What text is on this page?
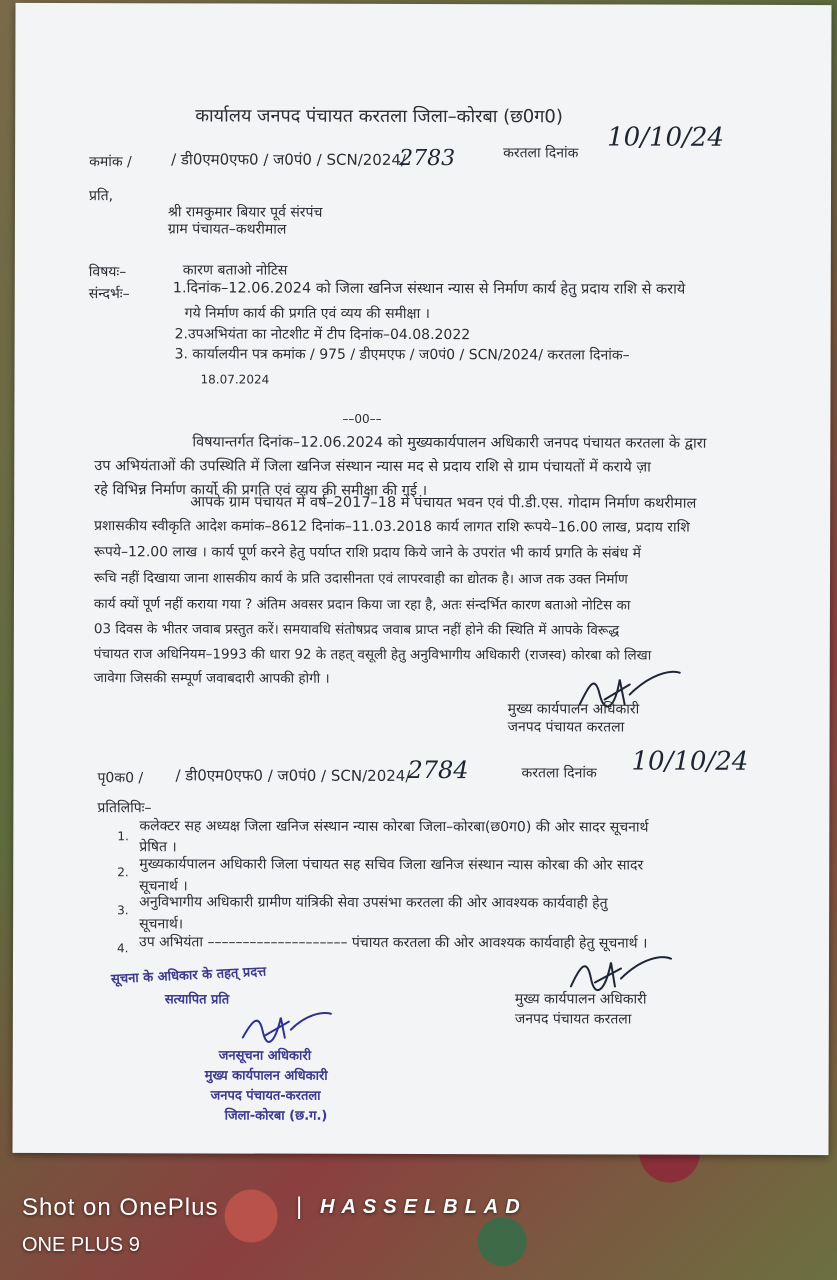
कार्यालय जनपद पंचायत करतला जिला–कोरबा (छ0ग0)
कमांक /	/ डी0एम0एफ0 / ज0पं0 / SCN/2024/
2783	करतला दिनांक
10/10/24
प्रति,
श्री रामकुमार बियार पूर्व संरपंच
ग्राम पंचायत–कथरीमाल
विषयः–	कारण बताओ नोटिस
संन्दर्भः–	1.दिनांक–12.06.2024 को जिला खनिज संस्थान न्यास से निर्माण कार्य हेतु प्रदाय राशि से कराये
गये निर्माण कार्य की प्रगति एवं व्यय की समीक्षा ।
2.उपअभियंता का नोटशीट में टीप दिनांक–04.08.2022
3. कार्यालयीन पत्र कमांक / 975 / डीएमएफ / ज0पं0 / SCN/2024/ करतला दिनांक–
18.07.2024
––00––
विषयान्तर्गत दिनांक–12.06.2024 को मुख्यकार्यपालन अधिकारी जनपद पंचायत करतला के द्वारा
उप अभियंताओं की उपस्थिति में जिला खनिज संस्थान न्यास मद से प्रदाय राशि से ग्राम पंचायतों में कराये ज़ा
रहे विभिन्न निर्माण कार्यो की प्रगति एवं व्यय की समीक्षा की गई ।
आपके ग्राम पंचायत में वर्ष–2017–18 में पंचायत भवन एवं पी.डी.एस. गोदाम निर्माण कथरीमाल
प्रशासकीय स्वीकृति आदेश कमांक–8612 दिनांक–11.03.2018 कार्य लागत राशि रूपये–16.00 लाख, प्रदाय राशि
रूपये–12.00 लाख । कार्य पूर्ण करने हेतु पर्याप्त राशि प्रदाय किये जाने के उपरांत भी कार्य प्रगति के संबंध में
रूचि नहीं दिखाया जाना शासकीय कार्य के प्रति उदासीनता एवं लापरवाही का द्योतक है। आज तक उक्त निर्माण
कार्य क्यों पूर्ण नहीं कराया गया ? अंतिम अवसर प्रदान किया जा रहा है, अतः संन्दर्भित कारण बताओ नोटिस का
03 दिवस के भीतर जवाब प्रस्तुत करें। समयावधि संतोषप्रद जवाब प्राप्त नहीं होने की स्थिति में आपके विरूद्ध
पंचायत राज अधिनियम–1993 की धारा 92 के तहत् वसूली हेतु अनुविभागीय अधिकारी (राजस्व) कोरबा को लिखा
जावेगा जिसकी सम्पूर्ण जवाबदारी आपकी होगी ।
मुख्य कार्यपालन अधिकारी
जनपद पंचायत करतला
पृ0क0 / / डी0एम0एफ0 / ज0पं0 / SCN/2024/
2784	करतला दिनांक 10/10/24
प्रतिलिपिः–
1.
कलेक्टर सह अध्यक्ष जिला खनिज संस्थान न्यास कोरबा जिला–कोरबा(छ0ग0) की ओर सादर सूचनार्थ
प्रेषित ।
2. मुख्यकार्यपालन अधिकारी जिला पंचायत सह सचिव जिला खनिज संस्थान न्यास कोरबा की ओर सादर
सूचनार्थ ।
3. अनुविभागीय अधिकारी ग्रामीण यांत्रिकी सेवा उपसंभा करतला की ओर आवश्यक कार्यवाही हेतु
सूचनार्थ।
4. उप अभियंता –––––––––––––––––––– पंचायत करतला की ओर आवश्यक कार्यवाही हेतु सूचनार्थ ।
मुख्य कार्यपालन अधिकारी
जनपद पंचायत करतला
सूचना के अधिकार के तहत् प्रदत्त
सत्यापित प्रति
जनसूचना अधिकारी
मुख्य कार्यपालन अधिकारी
जनपद पंचायत-करतला
जिला-कोरबा (छ.ग.)
Shot on OnePlus	| HASSELBLAD
ONE PLUS 9
